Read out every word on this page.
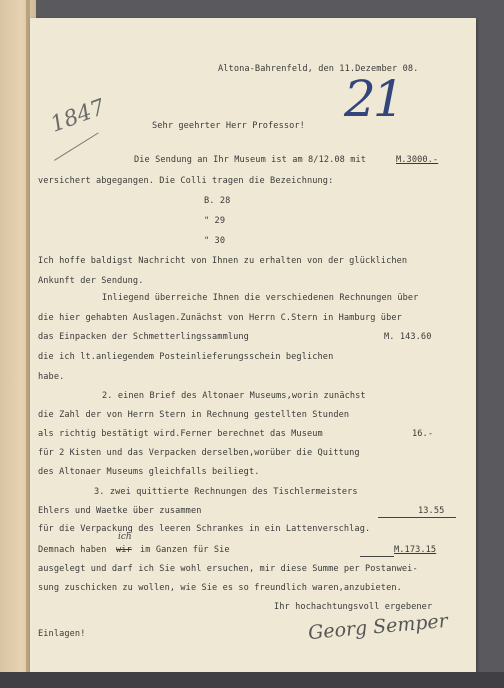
Altona-Bahrenfeld, den 11.Dezember 08.
21
1847	Sehr geehrter Herr Professor!
Die Sendung an Ihr Museum ist am 8/12.08 mit	M.3000.-
versichert abgegangen. Die Colli tragen die Bezeichnung:
B. 28
" 29
" 30
Ich hoffe baldigst Nachricht von Ihnen zu erhalten von der glücklichen
Ankunft der Sendung.
Inliegend überreiche Ihnen die verschiedenen Rechnungen über
die hier gehabten Auslagen.Zunächst von Herrn C.Stern in Hamburg über
das Einpacken der Schmetterlingssammlung	M. 143.60
die ich lt.anliegendem Posteinlieferungsschein beglichen
habe.
2. einen Brief des Altonaer Museums,worin zunächst
die Zahl der von Herrn Stern in Rechnung gestellten Stunden
als richtig bestätigt wird.Ferner berechnet das Museum	16.-
für 2 Kisten und das Verpacken derselben,worüber die Quittung
des Altonaer Museums gleichfalls beiliegt.
3. zwei quittierte Rechnungen des Tischlermeisters
Ehlers und Waetke über zusammen	13.55
für die Verpackung des leeren Schrankes in ein Lattenverschlag.
Demnach haben wir
ich
im Ganzen für Sie	M.173.15
ausgelegt und darf ich Sie wohl ersuchen, mir diese Summe per Postanwei-
sung zuschicken zu wollen, wie Sie es so freundlich waren,anzubieten.
Ihr hochachtungsvoll ergebener
Georg Semper
Einlagen!
